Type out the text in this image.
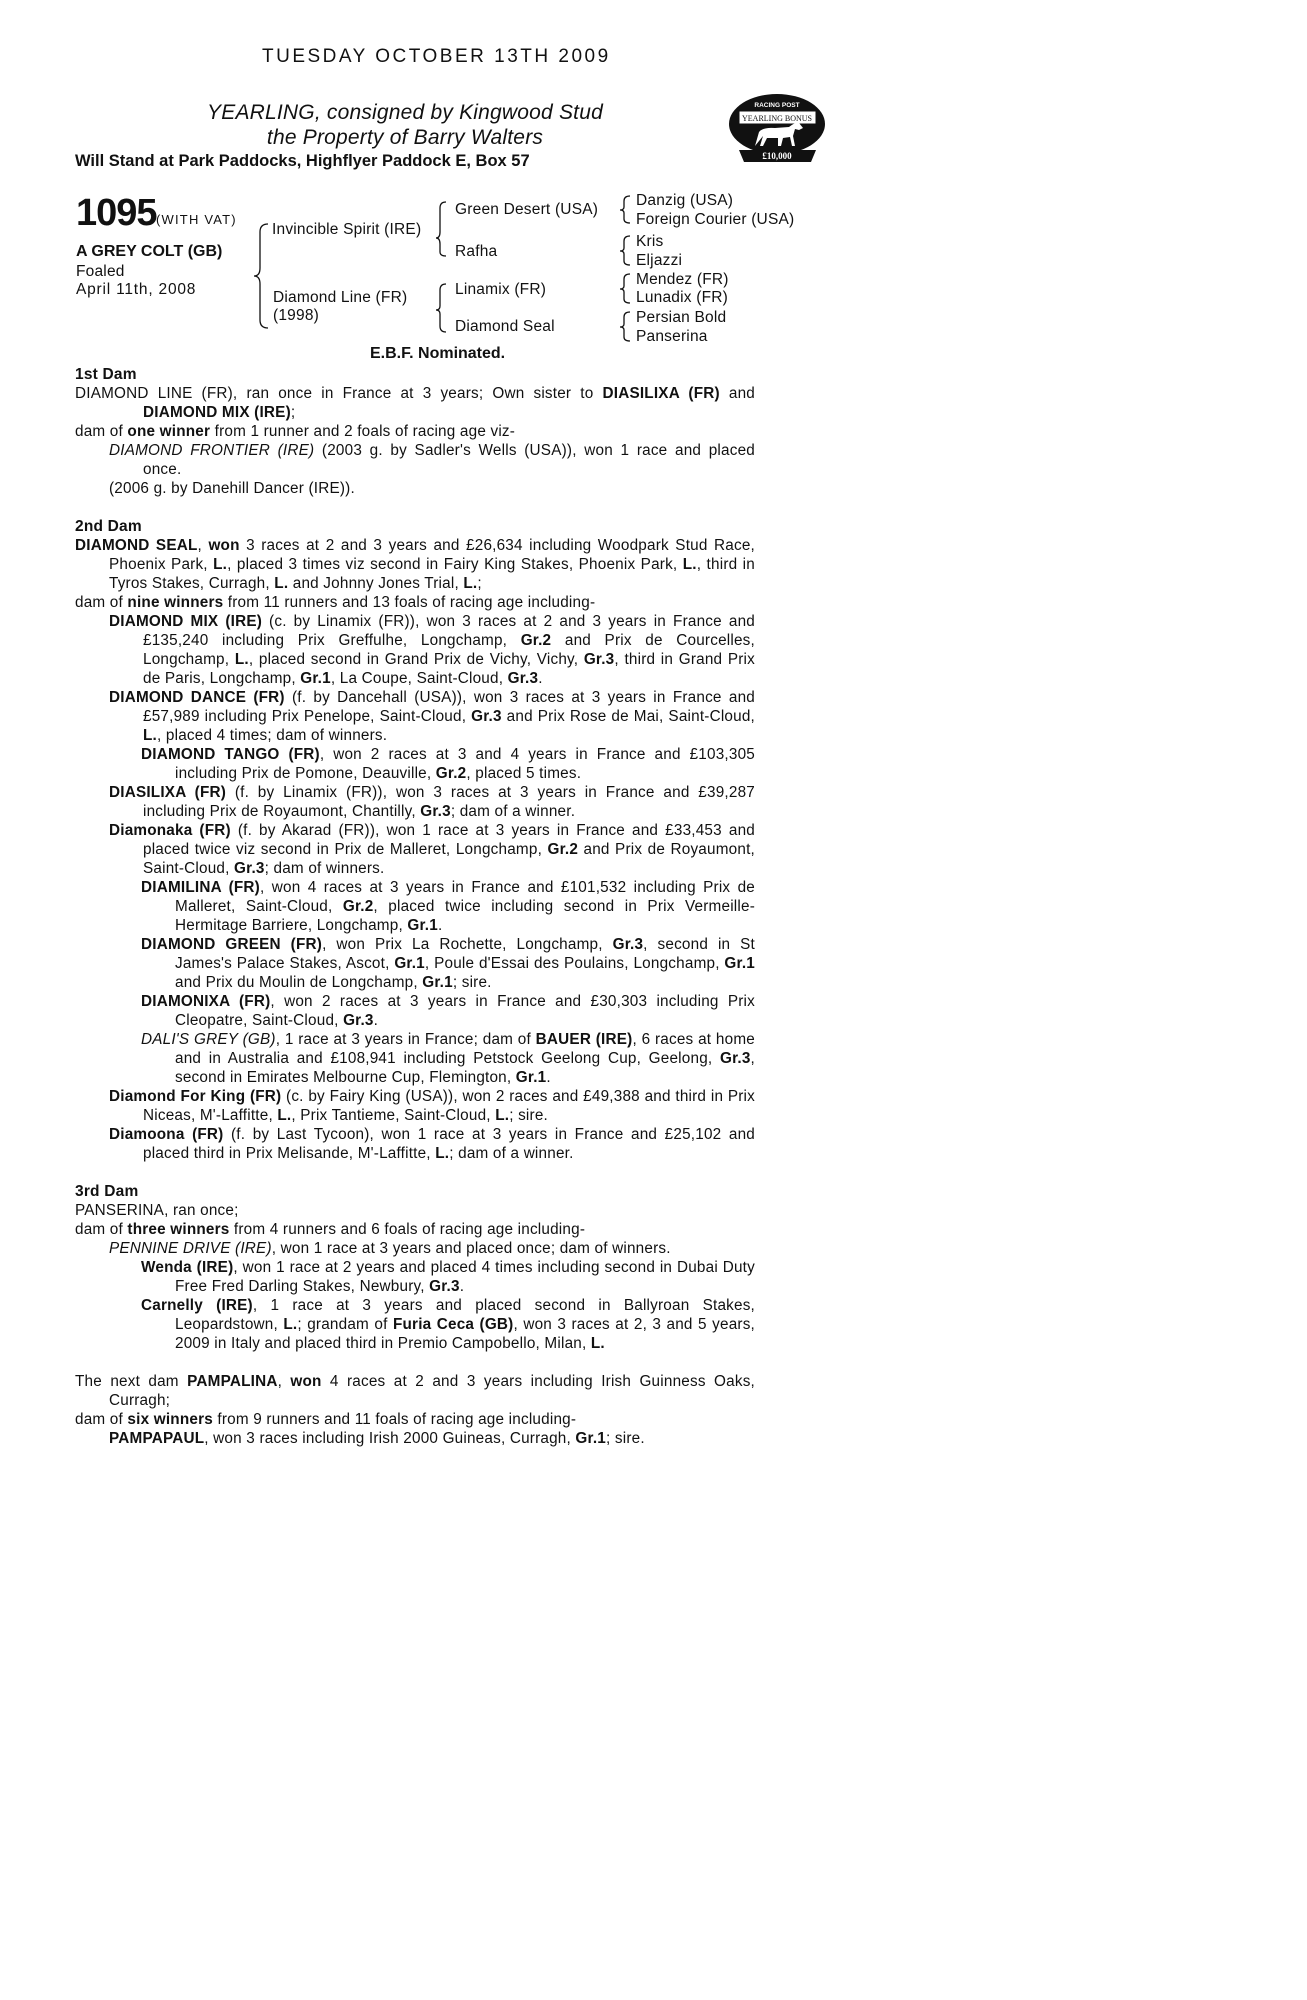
TUESDAY OCTOBER 13TH 2009
YEARLING, consigned by Kingwood Stud
the Property of Barry Walters
Will Stand at Park Paddocks, Highflyer Paddock E, Box 57
RACING POST
YEARLING BONUS
£10,000
1095 (WITH VAT)
A GREY COLT (GB)
Foaled
April 11th, 2008
Invincible Spirit (IRE)
Diamond Line (FR)
(1998)
Green Desert (USA)
Rafha
Linamix (FR)
Diamond Seal
Danzig (USA)
Foreign Courier (USA)
Kris
Eljazzi
Mendez (FR)
Lunadix (FR)
Persian Bold
Panserina
E.B.F. Nominated.

1st Dam

DIAMOND LINE (FR), ran once in France at 3 years; Own sister to DIASILIXA (FR) and DIAMOND MIX (IRE);

dam of one winner from 1 runner and 2 foals of racing age viz-

DIAMOND FRONTIER (IRE) (2003 g. by Sadler's Wells (USA)), won 1 race and placed once.

(2006 g. by Danehill Dancer (IRE)).

2nd Dam

DIAMOND SEAL, won 3 races at 2 and 3 years and £26,634 including Woodpark Stud Race, Phoenix Park, L., placed 3 times viz second in Fairy King Stakes, Phoenix Park, L., third in Tyros Stakes, Curragh, L. and Johnny Jones Trial, L.;

dam of nine winners from 11 runners and 13 foals of racing age including-

DIAMOND MIX (IRE) (c. by Linamix (FR)), won 3 races at 2 and 3 years in France and £135,240 including Prix Greffulhe, Longchamp, Gr.2 and Prix de Courcelles, Longchamp, L., placed second in Grand Prix de Vichy, Vichy, Gr.3, third in Grand Prix de Paris, Longchamp, Gr.1, La Coupe, Saint-Cloud, Gr.3.

DIAMOND DANCE (FR) (f. by Dancehall (USA)), won 3 races at 3 years in France and £57,989 including Prix Penelope, Saint-Cloud, Gr.3 and Prix Rose de Mai, Saint-Cloud, L., placed 4 times; dam of winners.

DIAMOND TANGO (FR), won 2 races at 3 and 4 years in France and £103,305 including Prix de Pomone, Deauville, Gr.2, placed 5 times.

DIASILIXA (FR) (f. by Linamix (FR)), won 3 races at 3 years in France and £39,287 including Prix de Royaumont, Chantilly, Gr.3; dam of a winner.

Diamonaka (FR) (f. by Akarad (FR)), won 1 race at 3 years in France and £33,453 and placed twice viz second in Prix de Malleret, Longchamp, Gr.2 and Prix de Royaumont, Saint-Cloud, Gr.3; dam of winners.

DIAMILINA (FR), won 4 races at 3 years in France and £101,532 including Prix de Malleret, Saint-Cloud, Gr.2, placed twice including second in Prix Vermeille-Hermitage Barriere, Longchamp, Gr.1.

DIAMOND GREEN (FR), won Prix La Rochette, Longchamp, Gr.3, second in St James's Palace Stakes, Ascot, Gr.1, Poule d'Essai des Poulains, Longchamp, Gr.1 and Prix du Moulin de Longchamp, Gr.1; sire.

DIAMONIXA (FR), won 2 races at 3 years in France and £30,303 including Prix Cleopatre, Saint-Cloud, Gr.3.

DALI'S GREY (GB), 1 race at 3 years in France; dam of BAUER (IRE), 6 races at home and in Australia and £108,941 including Petstock Geelong Cup, Geelong, Gr.3, second in Emirates Melbourne Cup, Flemington, Gr.1.

Diamond For King (FR) (c. by Fairy King (USA)), won 2 races and £49,388 and third in Prix Niceas, M'-Laffitte, L., Prix Tantieme, Saint-Cloud, L.; sire.

Diamoona (FR) (f. by Last Tycoon), won 1 race at 3 years in France and £25,102 and placed third in Prix Melisande, M'-Laffitte, L.; dam of a winner.

3rd Dam

PANSERINA, ran once;

dam of three winners from 4 runners and 6 foals of racing age including-

PENNINE DRIVE (IRE), won 1 race at 3 years and placed once; dam of winners.

Wenda (IRE), won 1 race at 2 years and placed 4 times including second in Dubai Duty Free Fred Darling Stakes, Newbury, Gr.3.

Carnelly (IRE), 1 race at 3 years and placed second in Ballyroan Stakes, Leopardstown, L.; grandam of Furia Ceca (GB), won 3 races at 2, 3 and 5 years, 2009 in Italy and placed third in Premio Campobello, Milan, L.

The next dam PAMPALINA, won 4 races at 2 and 3 years including Irish Guinness Oaks, Curragh;

dam of six winners from 9 runners and 11 foals of racing age including-

PAMPAPAUL, won 3 races including Irish 2000 Guineas, Curragh, Gr.1; sire.
